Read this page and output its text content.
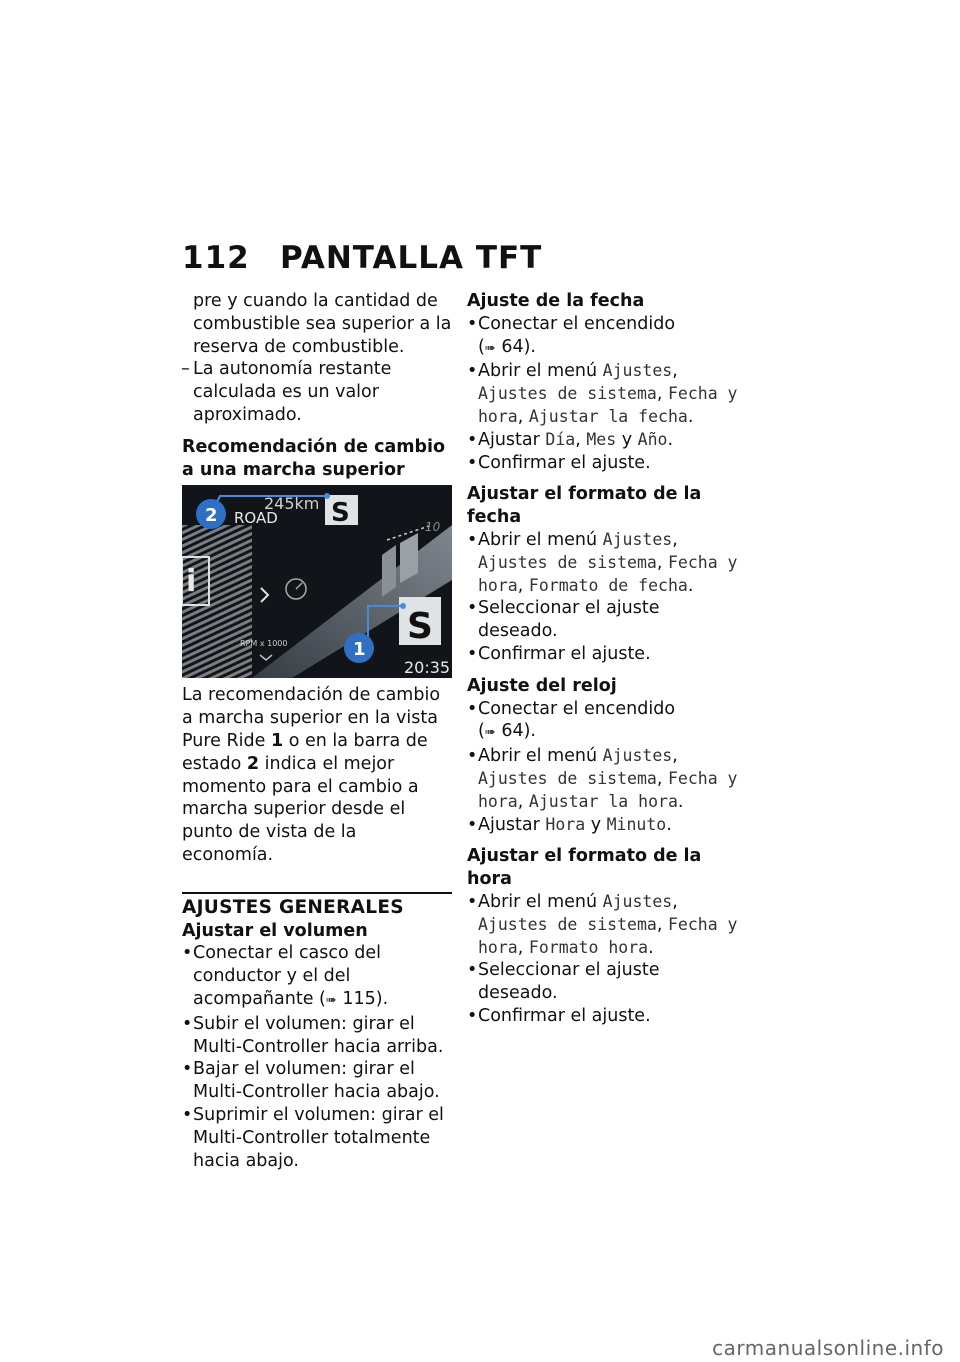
112 PANTALLA TFT

pre y cuando la cantidad de combustible sea superior a la reserva de combustible.

– La autonomía restante calculada es un valor aproximado.

Recomendación de cambio a una marcha superior

i
S
S
245km
ROAD	10
RPM x 1000
20:35
2
1

La recomendación de cambio a marcha superior en la vista Pure Ride 1 o en la barra de estado 2 indica el mejor momento para el cambio a marcha superior desde el punto de vista de la economía.

AJUSTES GENERALES

Ajustar el volumen

• Conectar el casco del conductor y el del acompañante (➠ 115).

• Subir el volumen: girar el Multi-Controller hacia arriba.

• Bajar el volumen: girar el Multi-Controller hacia abajo.

• Suprimir el volumen: girar el Multi-Controller totalmente hacia abajo.

Ajuste de la fecha

• Conectar el encendido
(➠ 64).

• Abrir el menú Ajustes, Ajustes de sistema, Fecha y hora, Ajustar la fecha.

• Ajustar Día, Mes y Año.

• Confirmar el ajuste.

Ajustar el formato de la fecha

• Abrir el menú Ajustes, Ajustes de sistema, Fecha y hora, Formato de fecha.

• Seleccionar el ajuste deseado.

• Confirmar el ajuste.

Ajuste del reloj

• Conectar el encendido
(➠ 64).

• Abrir el menú Ajustes, Ajustes de sistema, Fecha y hora, Ajustar la hora.

• Ajustar Hora y Minuto.

Ajustar el formato de la hora

• Abrir el menú Ajustes, Ajustes de sistema, Fecha y hora, Formato hora.

• Seleccionar el ajuste deseado.

• Confirmar el ajuste.

carmanualsonline.info
